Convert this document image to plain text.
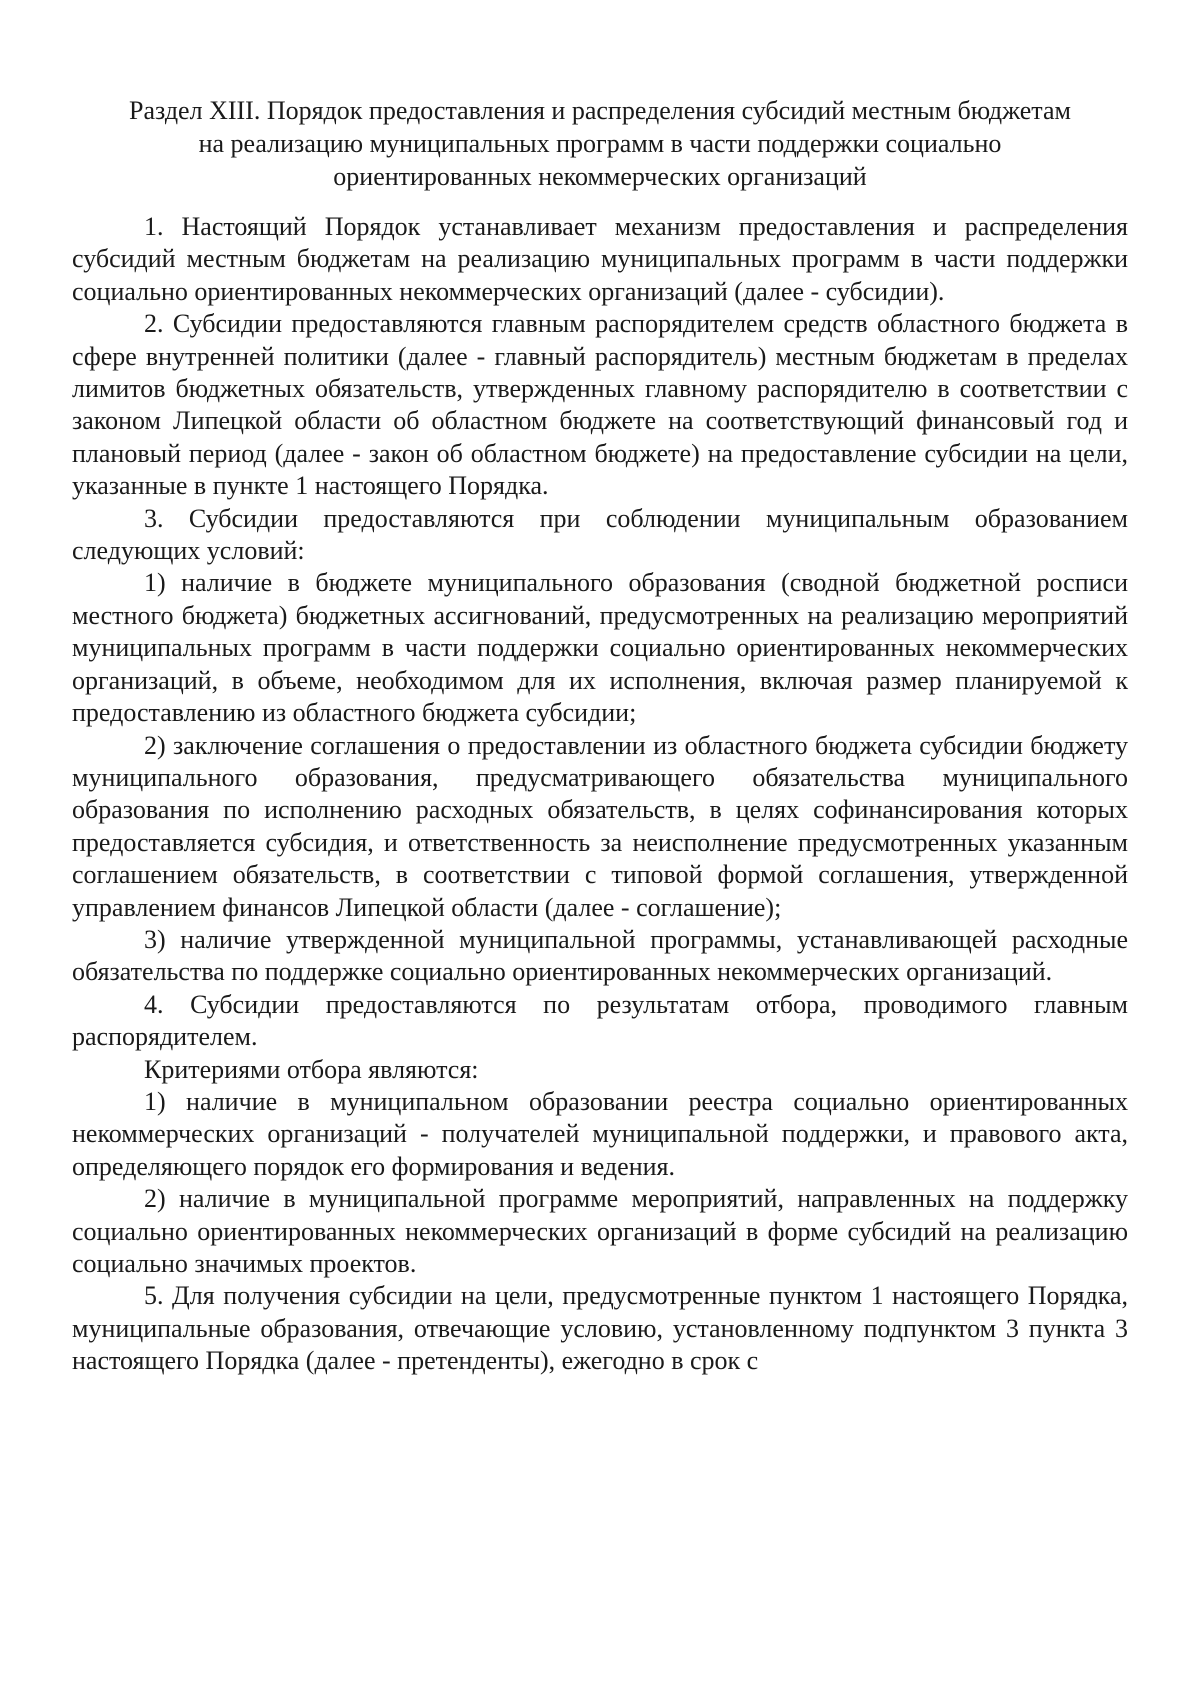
Раздел XIII. Порядок предоставления и распределения субсидий местным бюджетам
на реализацию муниципальных программ в части поддержки социально
ориентированных некоммерческих организаций

1. Настоящий Порядок устанавливает механизм предоставления и распределения субсидий местным бюджетам на реализацию муниципальных программ в части поддержки социально ориентированных некоммерческих организаций (далее - субсидии).

2. Субсидии предоставляются главным распорядителем средств областного бюджета в сфере внутренней политики (далее - главный распорядитель) местным бюджетам в пределах лимитов бюджетных обязательств, утвержденных главному распорядителю в соответствии с законом Липецкой области об областном бюджете на соответствующий финансовый год и плановый период (далее - закон об областном бюджете) на предоставление субсидии на цели, указанные в пункте 1 настоящего Порядка.

3. Субсидии предоставляются при соблюдении муниципальным образованием следующих условий:

1) наличие в бюджете муниципального образования (сводной бюджетной росписи местного бюджета) бюджетных ассигнований, предусмотренных на реализацию мероприятий муниципальных программ в части поддержки социально ориентированных некоммерческих организаций, в объеме, необходимом для их исполнения, включая размер планируемой к предоставлению из областного бюджета субсидии;

2) заключение соглашения о предоставлении из областного бюджета субсидии бюджету муниципального образования, предусматривающего обязательства муниципального образования по исполнению расходных обязательств, в целях софинансирования которых предоставляется субсидия, и ответственность за неисполнение предусмотренных указанным соглашением обязательств, в соответствии с типовой формой соглашения, утвержденной управлением финансов Липецкой области (далее - соглашение);

3) наличие утвержденной муниципальной программы, устанавливающей расходные обязательства по поддержке социально ориентированных некоммерческих организаций.

4. Субсидии предоставляются по результатам отбора, проводимого главным распорядителем.

Критериями отбора являются:

1) наличие в муниципальном образовании реестра социально ориентированных некоммерческих организаций - получателей муниципальной поддержки, и правового акта, определяющего порядок его формирования и ведения.

2) наличие в муниципальной программе мероприятий, направленных на поддержку социально ориентированных некоммерческих организаций в форме субсидий на реализацию социально значимых проектов.

5. Для получения субсидии на цели, предусмотренные пунктом 1 настоящего Порядка, муниципальные образования, отвечающие условию, установленному подпунктом 3 пункта 3 настоящего Порядка (далее - претенденты), ежегодно в срок с
